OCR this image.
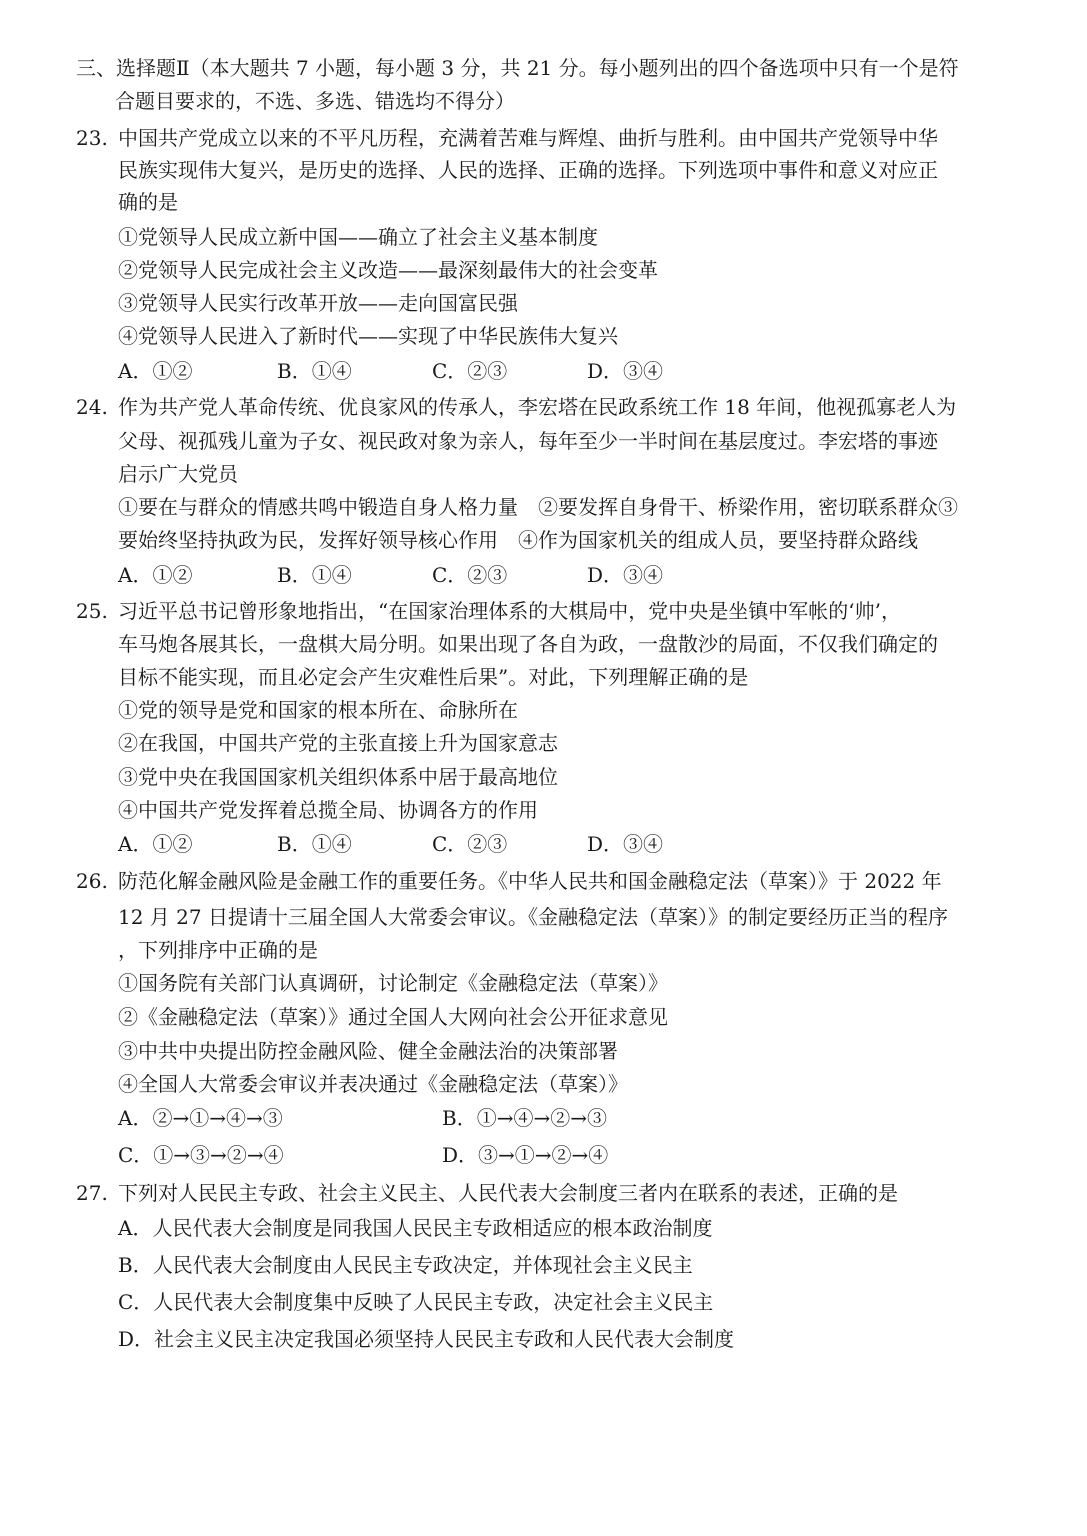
三、选择题Ⅱ（本大题共 7 小题，每小题 3 分，共 21 分。每小题列出的四个备选项中只有一个是符
合题目要求的，不选、多选、错选均不得分）
23. 中国共产党成立以来的不平凡历程，充满着苦难与辉煌、曲折与胜利。由中国共产党领导中华
民族实现伟大复兴，是历史的选择、人民的选择、正确的选择。下列选项中事件和意义对应正
确的是
①党领导人民成立新中国——确立了社会主义基本制度
②党领导人民完成社会主义改造——最深刻最伟大的社会变革
③党领导人民实行改革开放——走向国富民强
④党领导人民进入了新时代——实现了中华民族伟大复兴
A．①②	B．①④	C．②③	D．③④
24. 作为共产党人革命传统、优良家风的传承人，李宏塔在民政系统工作 18 年间，他视孤寡老人为
父母、视孤残儿童为子女、视民政对象为亲人，每年至少一半时间在基层度过。李宏塔的事迹
启示广大党员
①要在与群众的情感共鸣中锻造自身人格力量　②要发挥自身骨干、桥梁作用，密切联系群众③
要始终坚持执政为民，发挥好领导核心作用　④作为国家机关的组成人员，要坚持群众路线
A．①②	B．①④	C．②③	D．③④
25. 习近平总书记曾形象地指出，“在国家治理体系的大棋局中，党中央是坐镇中军帐的‘帅’，
车马炮各展其长，一盘棋大局分明。如果出现了各自为政，一盘散沙的局面，不仅我们确定的
目标不能实现，而且必定会产生灾难性后果”。对此，下列理解正确的是
①党的领导是党和国家的根本所在、命脉所在
②在我国，中国共产党的主张直接上升为国家意志
③党中央在我国国家机关组织体系中居于最高地位
④中国共产党发挥着总揽全局、协调各方的作用
A．①②	B．①④	C．②③	D．③④
26. 防范化解金融风险是金融工作的重要任务。《中华人民共和国金融稳定法（草案）》于 2022 年
12 月 27 日提请十三届全国人大常委会审议。《金融稳定法（草案）》的制定要经历正当的程序
，下列排序中正确的是
①国务院有关部门认真调研，讨论制定《金融稳定法（草案）》
②《金融稳定法（草案）》通过全国人大网向社会公开征求意见
③中共中央提出防控金融风险、健全金融法治的决策部署
④全国人大常委会审议并表决通过《金融稳定法（草案）》
A．②→①→④→③	B．①→④→②→③
C．①→③→②→④	D．③→①→②→④
27. 下列对人民民主专政、社会主义民主、人民代表大会制度三者内在联系的表述，正确的是
A．人民代表大会制度是同我国人民民主专政相适应的根本政治制度
B．人民代表大会制度由人民民主专政决定，并体现社会主义民主
C．人民代表大会制度集中反映了人民民主专政，决定社会主义民主
D．社会主义民主决定我国必须坚持人民民主专政和人民代表大会制度
